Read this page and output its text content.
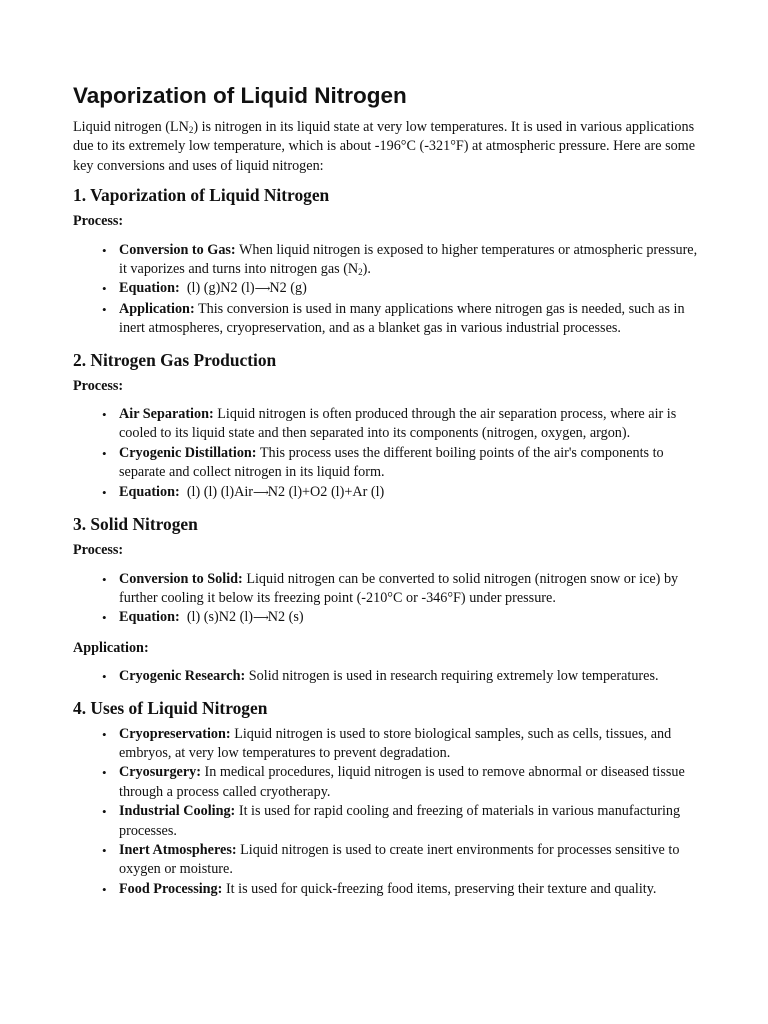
Vaporization of Liquid Nitrogen

Liquid nitrogen $(LN_2)$ is nitrogen in its liquid state at very low temperatures. It is used in various applications due to its extremely low temperature, which is about -196°C (-321°F) at atmospheric pressure. Here are some key conversions and uses of liquid nitrogen:

1. Vaporization of Liquid Nitrogen

Process:

• Conversion to Gas: When liquid nitrogen is exposed to higher temperatures or atmospheric pressure, it vaporizes and turns into nitrogen gas $(N_2)$.
• Equation:  (l) (g)N2 (l)⟶N2 (g)
• Application: This conversion is used in many applications where nitrogen gas is needed, such as in inert atmospheres, cryopreservation, and as a blanket gas in various industrial processes.
2. Nitrogen Gas Production

Process:

• Air Separation: Liquid nitrogen is often produced through the air separation process, where air is cooled to its liquid state and then separated into its components (nitrogen, oxygen, argon).
• Cryogenic Distillation: This process uses the different boiling points of the air's components to separate and collect nitrogen in its liquid form.
• Equation:  (l) (l) (l)Air⟶N2 (l)+O2 (l)+Ar (l)
3. Solid Nitrogen

Process:

• Conversion to Solid: Liquid nitrogen can be converted to solid nitrogen (nitrogen snow or ice) by further cooling it below its freezing point (-210°C or -346°F) under pressure.
• Equation:  (l) (s)N2 (l)⟶N2 (s)

Application:

• Cryogenic Research: Solid nitrogen is used in research requiring extremely low temperatures.
4. Uses of Liquid Nitrogen
• Cryopreservation: Liquid nitrogen is used to store biological samples, such as cells, tissues, and embryos, at very low temperatures to prevent degradation.
• Cryosurgery: In medical procedures, liquid nitrogen is used to remove abnormal or diseased tissue through a process called cryotherapy.
• Industrial Cooling: It is used for rapid cooling and freezing of materials in various manufacturing processes.
• Inert Atmospheres: Liquid nitrogen is used to create inert environments for processes sensitive to oxygen or moisture.
• Food Processing: It is used for quick-freezing food items, preserving their texture and quality.
